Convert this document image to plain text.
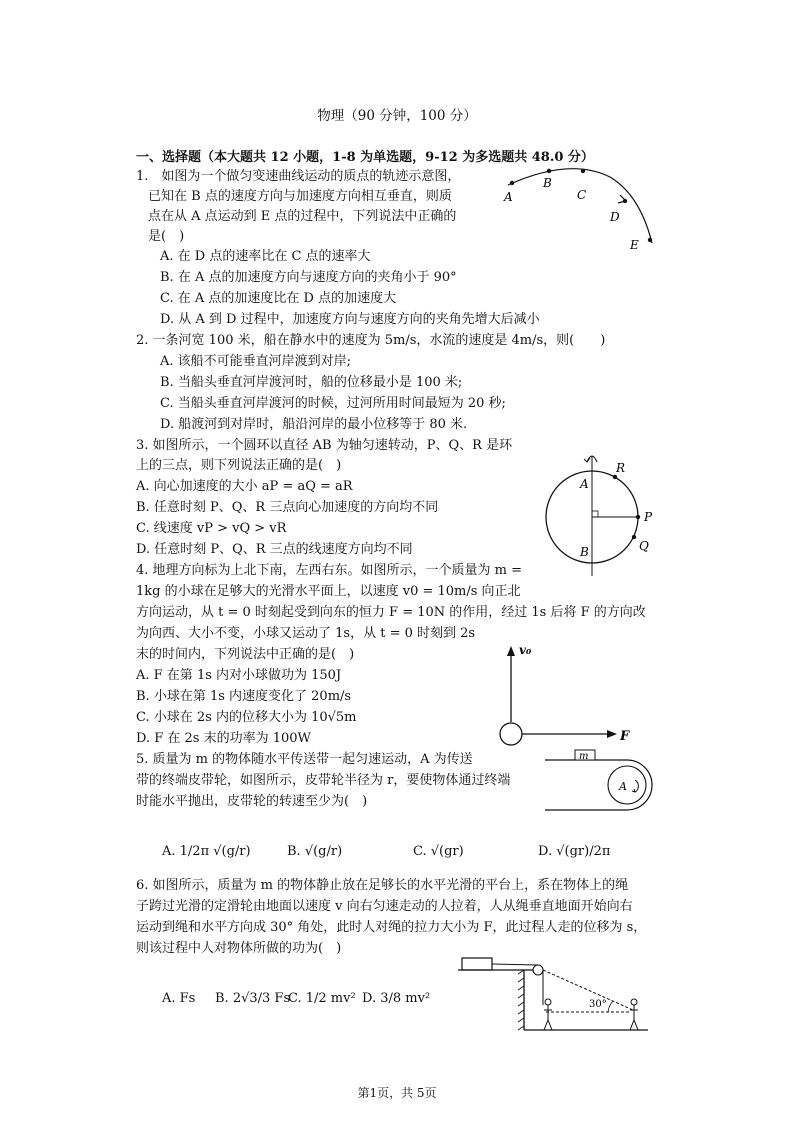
物理（90 分钟，100 分）
一、选择题（本大题共 12 小题，1-8 为单选题，9-12 为多选题共 48.0 分）
1.　如图为一个做匀变速曲线运动的质点的轨迹示意图，
已知在 B 点的速度方向与加速度方向相互垂直，则质
点在从 A 点运动到 E 点的过程中，下列说法中正确的
是(　)
A. 在 D 点的速率比在 C 点的速率大
B. 在 A 点的加速度方向与速度方向的夹角小于 90°
C. 在 A 点的加速度比在 D 点的加速度大
D. 从 A 到 D 过程中，加速度方向与速度方向的夹角先增大后减小
A
B
C
D
E
2. 一条河宽 100 米，船在静水中的速度为 5m/s，水流的速度是 4m/s，则(　　)
A. 该船不可能垂直河岸渡到对岸;
B. 当船头垂直河岸渡河时，船的位移最小是 100 米;
C. 当船头垂直河岸渡河的时候，过河所用时间最短为 20 秒;
D. 船渡河到对岸时，船沿河岸的最小位移等于 80 米.
3. 如图所示，一个圆环以直径 AB 为轴匀速转动，P、Q、R 是环
上的三点，则下列说法正确的是(　)
A. 向心加速度的大小 aP = aQ = aR
B. 任意时刻 P、Q、R 三点向心加速度的方向均不同
C. 线速度 vP > vQ > vR
D. 任意时刻 P、Q、R 三点的线速度方向均不同
R
P
Q
A
B
4. 地理方向标为上北下南，左西右东。如图所示，一个质量为 m =
1kg 的小球在足够大的光滑水平面上，以速度 v0 = 10m/s 向正北
方向运动，从 t = 0 时刻起受到向东的恒力 F = 10N 的作用，经过 1s 后将 F 的方向改
为向西、大小不变，小球又运动了 1s，从 t = 0 时刻到 2s
末的时间内，下列说法中正确的是(　)
A. F 在第 1s 内对小球做功为 150J
B. 小球在第 1s 内速度变化了 20m/s
C. 小球在 2s 内的位移大小为 10√5m
D. F 在 2s 末的功率为 100W
v₀
F
5. 质量为 m 的物体随水平传送带一起匀速运动，A 为传送
带的终端皮带轮，如图所示，皮带轮半径为 r，要使物体通过终端
时能水平抛出，皮带轮的转速至少为(　)
m
A
A. 1/2π √(g/r)	B. √(g/r)	C. √(gr)	D. √(gr)/2π
6. 如图所示，质量为 m 的物体静止放在足够长的水平光滑的平台上，系在物体上的绳
子跨过光滑的定滑轮由地面以速度 v 向右匀速走动的人拉着，人从绳垂直地面开始向右
运动到绳和水平方向成 30° 角处，此时人对绳的拉力大小为 F，此过程人走的位移为 s，
则该过程中人对物体所做的功为(　)
A. Fs B. 2√3/3 Fs
C. 1/2 mv² D. 3/8 mv²	30°
第1页，共 5页
